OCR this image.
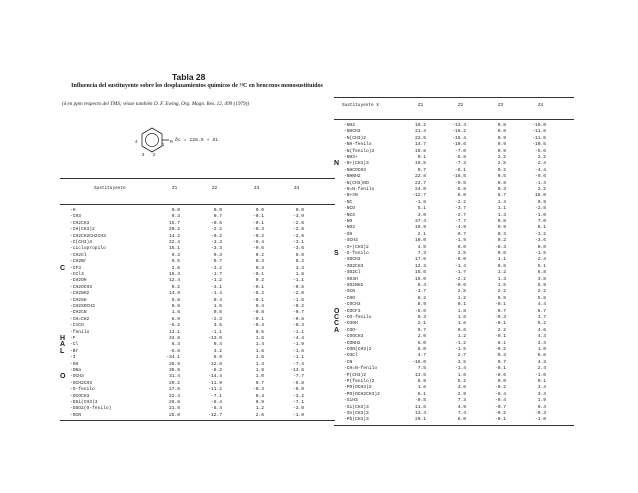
Tabla 28
Influencia del sustituyente sobre los desplazamientos químicos de ¹³C en bencenos monosustituidos
(δ en ppm respecto del TMS; véase también D. F. Ewing, Org. Magn. Res. 12, 499 (1979))
4	R
3 2
1
δc = 128.5 + Zi
Sustituyente	Z1	Z2	Z3	Z4
-H	0.0	0.0	0.0	0.0
-CH3	9.3	0.7	-0.1	-3.0
-CH2CH3	15.7	-0.6	-0.1	-2.8
-CH(CH3)2	20.2	-2.2	-0.3	-2.8
-CH2CH2CH2CH3	14.2	-0.2	-0.2	-2.8
-C(CH3)3	22.4	-3.3	-0.4	-3.1
-ciclopropilo	15.1	-3.3	-0.6	-3.6
-CH2Cl	9.3	0.3	0.2	0.0
-CH2Br	9.5	0.7	0.3	0.2
-CF3	2.6	-3.2	0.3	3.3
-CCl3	16.3	-1.7	-0.1	1.8
-CH2OH	12.4	-1.2	0.2	-1.1
-CH2OCH3	9.2	-3.1	-0.1	-0.5
-CH2NH2	14.9	-1.4	-0.2	-2.0
-CH2SH	9.8	0.4	-0.1	-1.6
-CH2SOCH3	0.8	1.5	0.4	-0.2
-CH2CN	1.6	0.5	-0.8	-0.7
-CH=CH2	8.9	-2.3	-0.1	-0.8
-C≡CH	-6.2	3.6	-0.4	-0.3
-fenilo	13.1	-1.1	0.5	-1.1
-F	34.8	-13.0	1.6	-4.4
-Cl	6.3	0.4	1.4	-1.9
-Br	-5.8	3.2	1.6	-1.6
-I	-34.1	8.9	1.6	-1.1
-OH	26.9	-12.8	1.4	-7.4
-ONa	35.6	-8.2	1.9	-13.6
-OCH3	31.4	-14.4	1.0	-7.7
-OCH2CH3	29.2	-11.9	0.7	-5.8
-O-fenilo	27.6	-11.2	-0.3	-6.9
-OCOCH3	22.4	-7.1	0.4	-3.2
-OSi(CH3)3	26.8	-8.4	0.9	-7.1
-OSO2(O-fenilo)	21.9	-8.4	1.2	-3.0
-OCN	25.0	-12.7	2.6	-1.0
C
H
A
L
O
Sustituyente X	Z1	Z2	Z3	Z4
-NH2	18.2	-13.4	0.8	-10.0
-NHCH3	21.4	-16.2	0.8	-11.6
-N(CH3)2	22.5	-15.4	0.9	-11.5
-NH-fenilo	14.7	-10.6	0.9	-10.5
-N(fenilo)2	19.8	-7.0	0.9	-5.6
-NH3+	0.1	-5.8	2.2	2.2
-N+(CH3)3	19.5	-7.3	2.5	2.4
-NHCOCH3	9.7	-8.1	0.2	-4.4
-NHNH2	22.8	-16.5	0.5	-9.6
-N(CH3)NO	23.7	-9.5	0.8	-1.4
-N=N-fenilo	24.0	-5.8	0.3	2.2
-N+≡N	-12.7	6.0	5.7	16.0
-NC	-1.8	-2.2	1.4	0.9
-NCO	5.1	-3.7	1.1	-2.8
-NCS	3.0	-2.7	1.3	-1.0
-NO	37.4	-7.7	0.8	7.0
-NO2	19.9	-4.9	0.9	6.1
-SH	2.1	0.7	0.3	-3.2
-SCH3	10.0	-1.9	0.2	-3.6
-S+(CH3)2	4.5	9.0	-0.3	0.0
-S-fenilo	7.3	2.5	0.6	-1.5
-SOCH3	17.6	-5.0	1.1	2.4
-SO2CH3	12.3	-1.4	0.8	5.1
-SO2Cl	15.6	-1.7	1.2	6.8
-SO3H	15.0	-2.2	1.3	3.8
-SO2NH2	6.4	-0.6	1.5	5.9
-SCN	-3.7	2.5	2.2	2.2
-CHO	8.2	1.2	0.5	5.8
-COCH3	8.9	0.1	-0.1	4.4
-COCF3	-5.6	1.8	0.7	6.7
-CO-fenilo	9.3	1.6	-0.3	3.7
-COOH	2.1	1.6	-0.1	5.2
-COO-	9.7	0.6	2.2	4.6
-COOCH3	2.0	1.2	-0.1	4.3
-CONH2	5.0	-1.2	0.1	3.4
-CON(CH3)2	8.0	-1.5	-0.2	1.0
-COCl	4.7	2.7	0.3	6.6
-CN	-16.0	3.5	0.7	4.3
-CH=N-fenilo	7.5	-1.4	-0.1	2.4
-P(CH3)2	13.6	1.6	-0.6	-1.0
-P(fenilo)2	8.9	5.2	0.0	0.1
-PO(OCH3)2	1.6	3.6	-0.2	3.4
-PO(OCH2CH3)2	6.1	2.9	-0.4	3.4
-SiH3	-0.5	7.3	-0.4	1.9
-Si(CH3)3	11.6	4.9	-0.7	0.4
-Sn(CH3)3	13.4	7.4	-0.2	-0.3
-Pb(CH3)3	20.1	8.0	-0.1	-1.0
N
S
O
C
C
A
